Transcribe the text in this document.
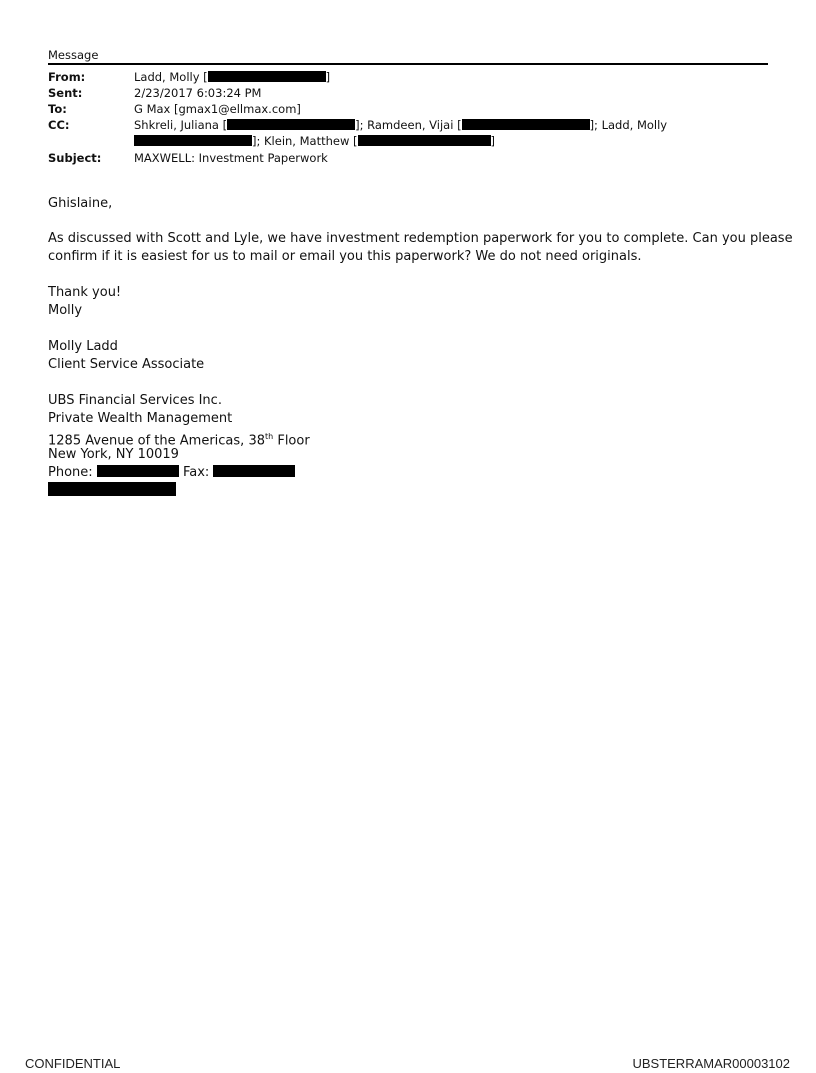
Message
From:	Ladd, Molly [	]
Sent:	2/23/2017 6:03:24 PM
To:	G Max [gmax1@ellmax.com]
CC:	Shkreli, Juliana [	]; Ramdeen, Vijai [	]; Ladd, Molly
]; Klein, Matthew [	]
Subject:	MAXWELL: Investment Paperwork
Ghislaine,
As discussed with Scott and Lyle, we have investment redemption paperwork for you to complete. Can you please
confirm if it is easiest for us to mail or email you this paperwork? We do not need originals.
Thank you!
Molly
Molly Ladd
Client Service Associate
UBS Financial Services Inc.
Private Wealth Management
1285 Avenue of the Americas, 38th Floor
New York, NY 10019
Phone:	Fax:
CONFIDENTIAL	UBSTERRAMAR00003102
